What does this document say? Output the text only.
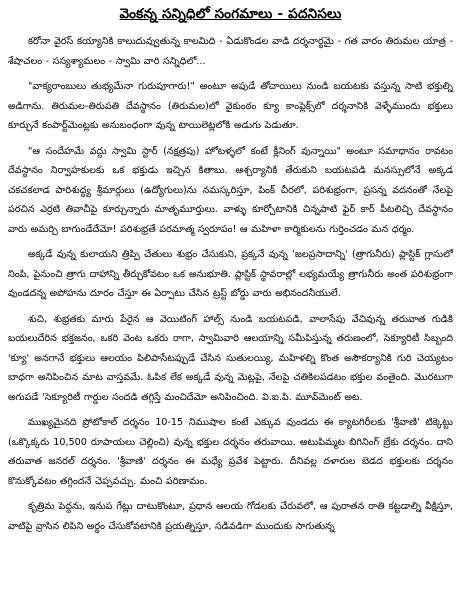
వెంకన్న సన్నిధిలో సంగమాలు - పదనిసలు

కరోనా వైరస్ కయ్యానికి కాలుదువ్వుతున్న కాలమిది - ఏడుకొండల వాడి దర్శనార్థమై - గత వారం తిరుమల యాత్ర - శేషాచలం - సస్యశ్యామలం - స్వామి వారి సన్నిధిలో...

"వాక్యరాంబులు తుభ్యమేనా గురుపూగారు!" అంటూ అపుడే తోచాయిలు నుండి బయటకు వస్తున్న సాటి భక్తుల్ని అడిగాను. తిరుమల-తిరుపతి దేవస్థానం (తిరుమల)లో వైకుంఠం క్యూ కాంప్లెక్స్‌లో దర్శనానికి వెళ్ళేముందు భక్తులు కూర్చునే కంపార్ట్‌మెంట్లకు అనుబంధంగా వున్న టాయిలెట్లలోకి అడుగు పెడుతూ.

"ఆ సందేహమే వద్దు స్వామి స్టార్ (నక్షత్రపు) హోటళ్ళలో కంటే క్లీనింగ్ వున్నాయి" అంటూ సమాధానం రావటం దేవస్థానం నిర్వాహకులకు ఒక భక్తుడు ఇచ్చిన కితాబు. ఆశ్చర్యానికి తేరుకుని బయటపడి మనస్సులోనే అక్కడ చకచకలాడ పారిశుద్ధ్య శ్రీమార్గులు (ఉద్యోగులు)ను నమస్కరిస్తూ, పింక్ చీరలో, పరిశుభ్రంగా, ప్రసన్న వదనంతో నేలపై పరచిన ఎర్రటి తివాచీపై కూర్చున్నారు మాతృమూర్తులు. వాళ్ళు కూర్చోటానికి చిన్నపాటి ఫైర్ కార్ పీటలిచ్చి దేవస్థానం వారు అమర్చి బాగుండేదేమో! పరిశుభ్రతే పరమాత్మ స్వరూపం! ఆ మహిళా కార్మికులను గుర్తించడం మన ధర్మం.

అక్కడే వున్న కులాయని త్రిప్పి చేతులు శుభ్రం చేసుకుని, ప్రక్కనే వున్న 'జలప్రసాదాన్ని' (త్రాగునీరు) ప్లాస్టిక్ గ్లాసులో నింపి, పైనుంచి త్రాగు దాహాన్ని తీర్చుకోవటం ఒక అనుభూతి. ప్లాస్టిక్ స్థావరాల్లో లభ్యమయ్యే త్రాగునీరు అంత పరిశుభ్రంగా వుండదన్న అపోహను దూరం చేస్తూ ఈ ఏర్పాటు చేసిన ట్రస్ట్ బోర్డు వారు అభినందనీయులే.

శుచి, శుభ్రతకు మారు పేరైన ఆ వెయిటింగ్ హాల్స్ నుండి బయటపడి, వాలాసేపు వేచివున్న తరువాత గుడికి బయలుదేరిన భక్తజనం, ఒకరి వెంట ఒకరు రాగా, స్వామివారి ఆలయాన్ని సమీపిస్తున్న తరుణంలో, సెక్యూరిటీ సిబ్బంది 'క్యూ' అనగానే భక్తులు ఆలయం పిలిపాసేటప్పుడే చేసిన సుతులయ్యి, మహిళల్ని కొంత అసౌకర్యానికి గురి చెయ్యటం బాధగా అనిపించిన మాట వాస్తవమే. ఓపిక లేక అక్కడే వున్న మెట్లపై, నేలపై చతికిలపడటం భక్తుల వంతైంది. మొరటుగా అగుపడే 'సెక్యూరిటీ గార్డుల సందడి తగ్గిస్తే మంచిదేమో అనిపించింది. వి.ఐ.పి. మూవ్‌మెంట్ అట.

ముఖ్యమైనది ప్రోటోకాల్ దర్శనం 10-15 నిముషాల కంటే ఎక్కువ వుండదు ఈ క్యాటగిరీలకు 'శ్రీవాణి' టిక్కెట్టు (ఒక్కొక్కరు 10,500 రూపాయలు చెల్లించి) వున్న భక్తుల దర్శనం తరువాయి. అటుపిమ్మట బిగినింగ్ బ్రేకు దర్శనం. దాని తరువాత జనరల్ దర్శనం. 'శ్రీవాణి' దర్శనం ఈ మధ్యే ప్రవేశ పెట్టారు. దీనివల్ల దళారుల బెడద భక్తులకు దర్శనం కొనుక్కోవటం తగ్గిందనే చెప్పవచ్చు. మంచి పరిణామం.

కృత్రిమ పెద్దను, ఇనుప గేట్లు దాటుకొంటూ, ప్రధాన ఆలయ గోడలకు చేరువలో, ఆ పురాతన రాతి కట్టడాల్ని వీక్షిస్తూ, వాటిపై వ్రాసిన లిపిని అర్థం చేసుకోవటానికి ప్రయత్నిస్తూ, సడివడిగా ముందుకు సాగుతున్న
